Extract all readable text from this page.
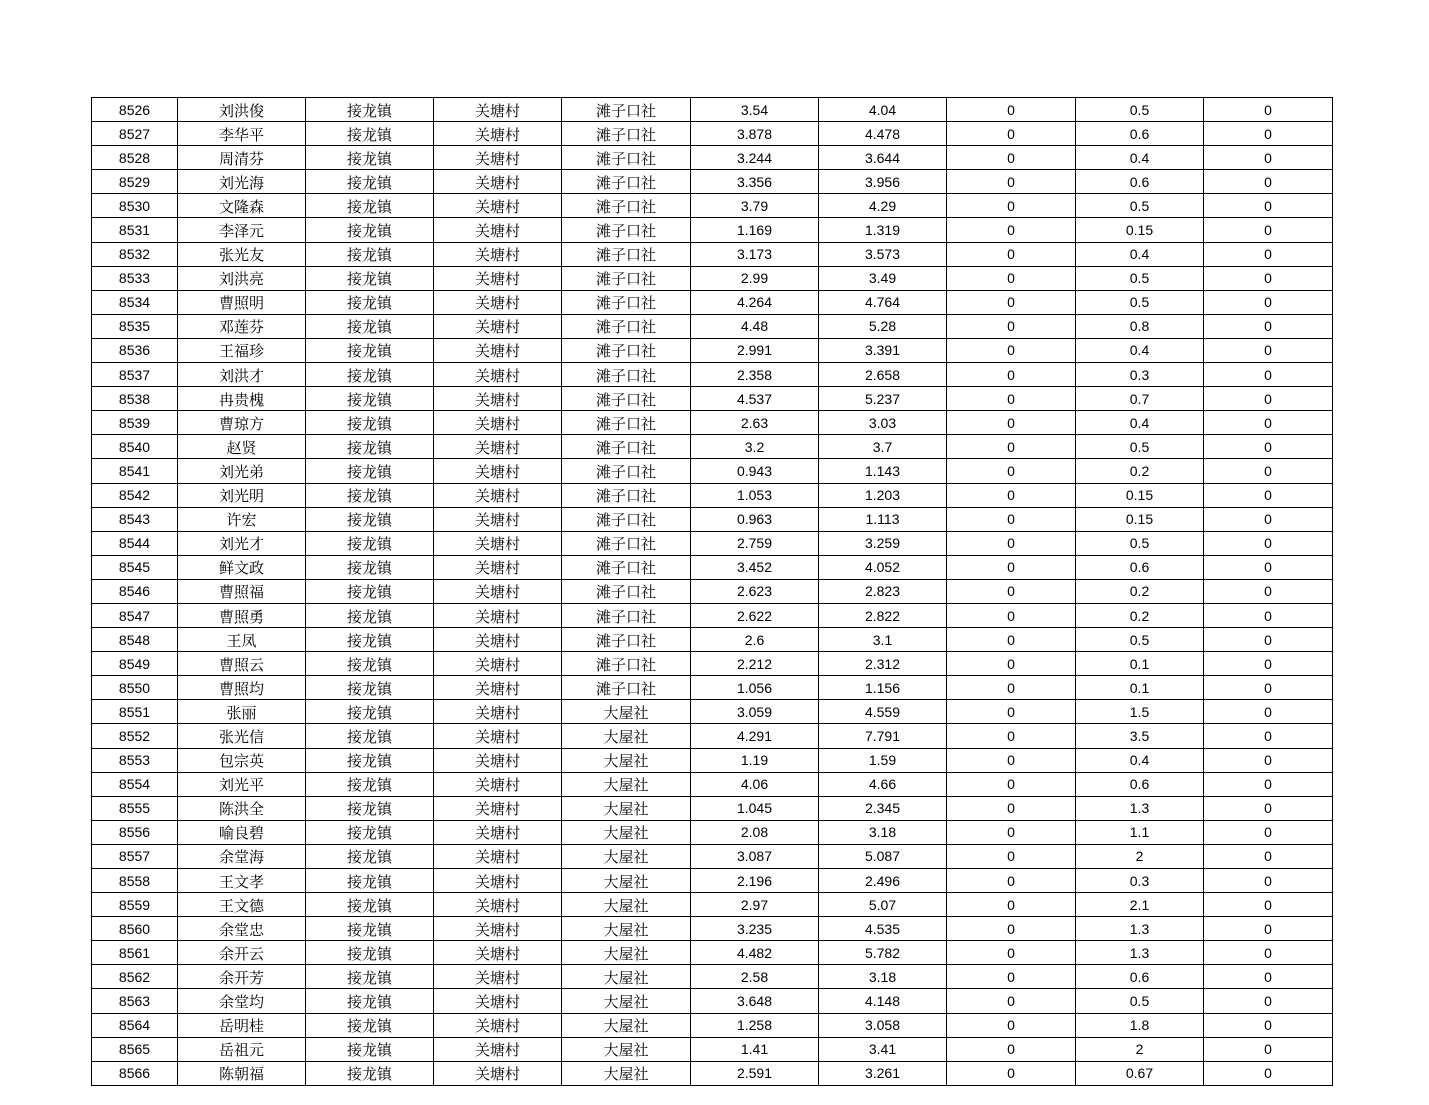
8526	刘洪俊	接龙镇	关塘村	滩子口社	3.54	4.04	0	0.5	0
8527	李华平	接龙镇	关塘村	滩子口社	3.878	4.478	0	0.6	0
8528	周清芬	接龙镇	关塘村	滩子口社	3.244	3.644	0	0.4	0
8529	刘光海	接龙镇	关塘村	滩子口社	3.356	3.956	0	0.6	0
8530	文隆森	接龙镇	关塘村	滩子口社	3.79	4.29	0	0.5	0
8531	李泽元	接龙镇	关塘村	滩子口社	1.169	1.319	0	0.15	0
8532	张光友	接龙镇	关塘村	滩子口社	3.173	3.573	0	0.4	0
8533	刘洪亮	接龙镇	关塘村	滩子口社	2.99	3.49	0	0.5	0
8534	曹照明	接龙镇	关塘村	滩子口社	4.264	4.764	0	0.5	0
8535	邓莲芬	接龙镇	关塘村	滩子口社	4.48	5.28	0	0.8	0
8536	王福珍	接龙镇	关塘村	滩子口社	2.991	3.391	0	0.4	0
8537	刘洪才	接龙镇	关塘村	滩子口社	2.358	2.658	0	0.3	0
8538	冉贵槐	接龙镇	关塘村	滩子口社	4.537	5.237	0	0.7	0
8539	曹琼方	接龙镇	关塘村	滩子口社	2.63	3.03	0	0.4	0
8540	赵贤	接龙镇	关塘村	滩子口社	3.2	3.7	0	0.5	0
8541	刘光弟	接龙镇	关塘村	滩子口社	0.943	1.143	0	0.2	0
8542	刘光明	接龙镇	关塘村	滩子口社	1.053	1.203	0	0.15	0
8543	许宏	接龙镇	关塘村	滩子口社	0.963	1.113	0	0.15	0
8544	刘光才	接龙镇	关塘村	滩子口社	2.759	3.259	0	0.5	0
8545	鲜文政	接龙镇	关塘村	滩子口社	3.452	4.052	0	0.6	0
8546	曹照福	接龙镇	关塘村	滩子口社	2.623	2.823	0	0.2	0
8547	曹照勇	接龙镇	关塘村	滩子口社	2.622	2.822	0	0.2	0
8548	王凤	接龙镇	关塘村	滩子口社	2.6	3.1	0	0.5	0
8549	曹照云	接龙镇	关塘村	滩子口社	2.212	2.312	0	0.1	0
8550	曹照均	接龙镇	关塘村	滩子口社	1.056	1.156	0	0.1	0
8551	张丽	接龙镇	关塘村	大屋社	3.059	4.559	0	1.5	0
8552	张光信	接龙镇	关塘村	大屋社	4.291	7.791	0	3.5	0
8553	包宗英	接龙镇	关塘村	大屋社	1.19	1.59	0	0.4	0
8554	刘光平	接龙镇	关塘村	大屋社	4.06	4.66	0	0.6	0
8555	陈洪全	接龙镇	关塘村	大屋社	1.045	2.345	0	1.3	0
8556	喻良碧	接龙镇	关塘村	大屋社	2.08	3.18	0	1.1	0
8557	余堂海	接龙镇	关塘村	大屋社	3.087	5.087	0	2	0
8558	王文孝	接龙镇	关塘村	大屋社	2.196	2.496	0	0.3	0
8559	王文德	接龙镇	关塘村	大屋社	2.97	5.07	0	2.1	0
8560	余堂忠	接龙镇	关塘村	大屋社	3.235	4.535	0	1.3	0
8561	余开云	接龙镇	关塘村	大屋社	4.482	5.782	0	1.3	0
8562	余开芳	接龙镇	关塘村	大屋社	2.58	3.18	0	0.6	0
8563	余堂均	接龙镇	关塘村	大屋社	3.648	4.148	0	0.5	0
8564	岳明桂	接龙镇	关塘村	大屋社	1.258	3.058	0	1.8	0
8565	岳祖元	接龙镇	关塘村	大屋社	1.41	3.41	0	2	0
8566	陈朝福	接龙镇	关塘村	大屋社	2.591	3.261	0	0.67	0
